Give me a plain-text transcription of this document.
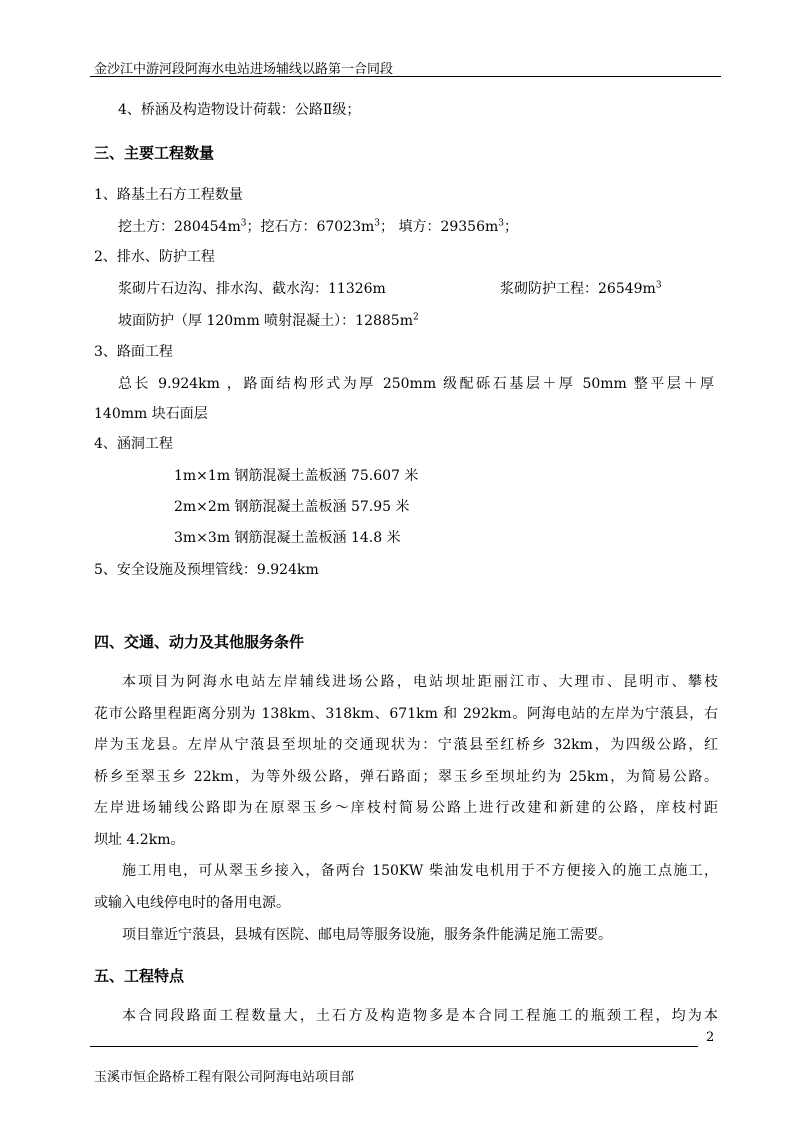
金沙江中游河段阿海水电站进场辅线以路第一合同段
4、桥涵及构造物设计荷载：公路Ⅱ级；
三、主要工程数量
1、路基土石方工程数量
挖土方：$280454m^3$；挖石方：$67023m^3$； 填方：$29356m^3$；
2、排水、防护工程
浆砌片石边沟、排水沟、截水沟：11326m	浆砌防护工程：$26549m^3$
坡面防护（厚 120mm 喷射混凝土）：$12885m^2$
3、路面工程
总长 9.924km ，路面结构形式为厚 250mm 级配砾石基层＋厚 50mm 整平层＋厚
140mm 块石面层
4、涵洞工程
1m×1m 钢筋混凝土盖板涵 75.607 米
2m×2m 钢筋混凝土盖板涵 57.95 米
3m×3m 钢筋混凝土盖板涵 14.8 米
5、安全设施及预埋管线：9.924km
四、交通、动力及其他服务条件
本项目为阿海水电站左岸辅线进场公路，电站坝址距丽江市、大理市、昆明市、攀枝
花市公路里程距离分别为 138km、318km、671km 和 292km。阿海电站的左岸为宁蒗县，右
岸为玉龙县。左岸从宁蒗县至坝址的交通现状为：宁蒗县至红桥乡 32km，为四级公路，红
桥乡至翠玉乡 22km，为等外级公路，弹石路面；翠玉乡至坝址约为 25km，为简易公路。
左岸进场辅线公路即为在原翠玉乡～庠枝村简易公路上进行改建和新建的公路，庠枝村距
坝址 4.2km。
施工用电，可从翠玉乡接入，备两台 150KW 柴油发电机用于不方便接入的施工点施工，
或输入电线停电时的备用电源。
项目靠近宁蒗县，县城有医院、邮电局等服务设施，服务条件能满足施工需要。
五、工程特点
本合同段路面工程数量大，土石方及构造物多是本合同工程施工的瓶颈工程，均为本
2
玉溪市恒企路桥工程有限公司阿海电站项目部
